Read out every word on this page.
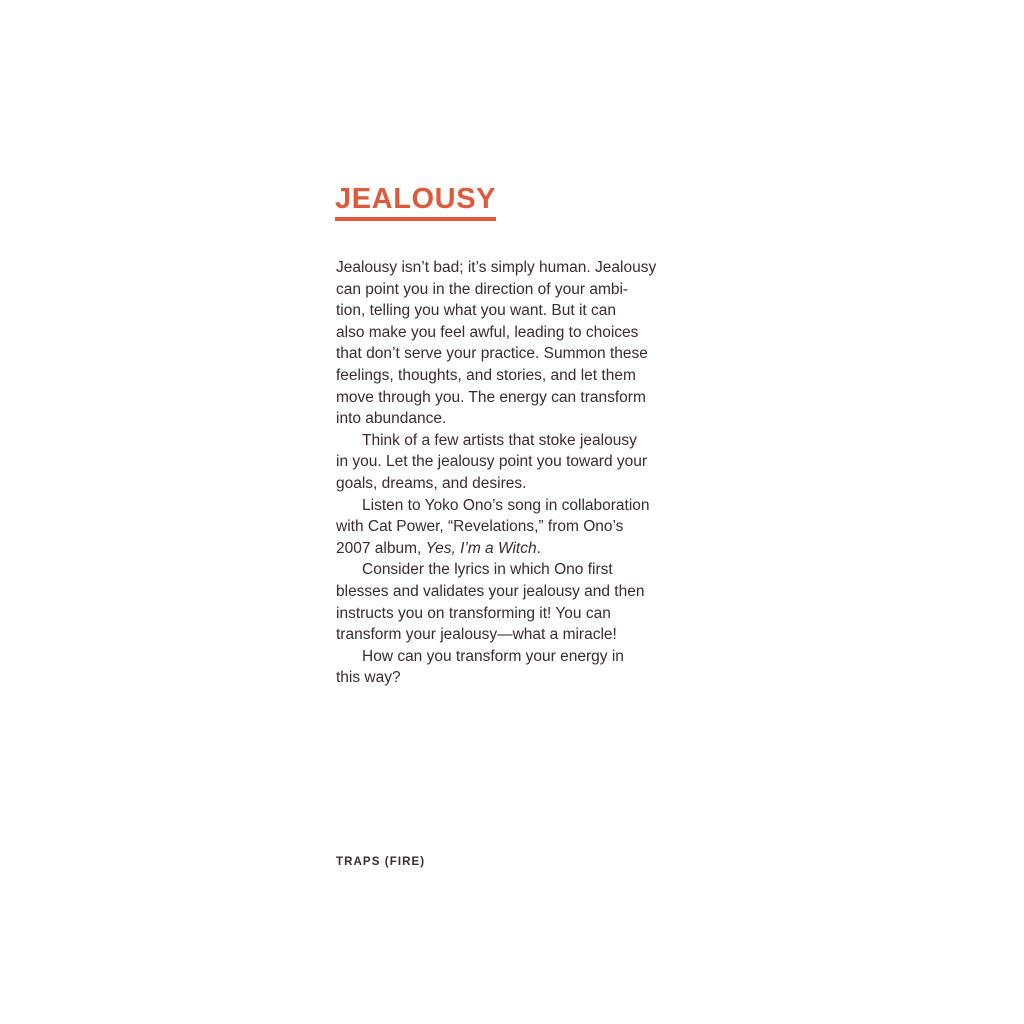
JEALOUSY

Jealousy isn’t bad; it’s simply human. Jealousy

can point you in the direction of your ambi-

tion, telling you what you want. But it can

also make you feel awful, leading to choices

that don’t serve your practice. Summon these

feelings, thoughts, and stories, and let them

move through you. The energy can transform

into abundance.

Think of a few artists that stoke jealousy

in you. Let the jealousy point you toward your

goals, dreams, and desires.

Listen to Yoko Ono’s song in collaboration

with Cat Power, “Revelations,” from Ono’s

2007 album, Yes, I’m a Witch.

Consider the lyrics in which Ono first

blesses and validates your jealousy and then

instructs you on transforming it! You can

transform your jealousy—what a miracle!

How can you transform your energy in

this way?

TRAPS (FIRE)
